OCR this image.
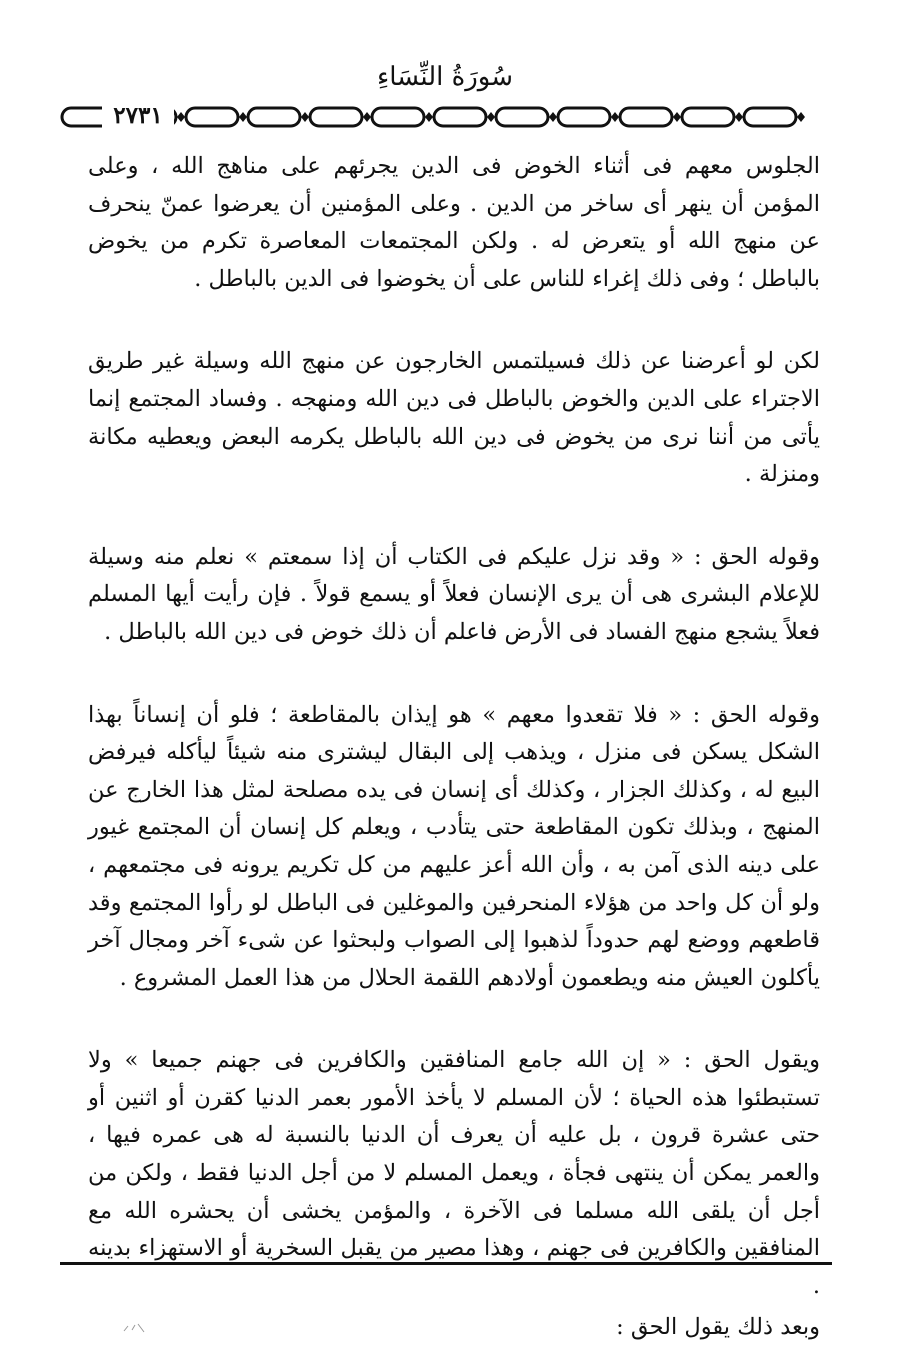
سُورَةُ النِّسَاءِ
٢٧٣١

الجلوس معهم فى أثناء الخوض فى الدين يجرئهم على مناهج الله ، وعلى المؤمن أن ينهر أى ساخر من الدين . وعلى المؤمنين أن يعرضوا عمنّ ينحرف عن منهج الله أو يتعرض له . ولكن المجتمعات المعاصرة تكرم من يخوض بالباطل ؛ وفى ذلك إغراء للناس على أن يخوضوا فى الدين بالباطل .

لكن لو أعرضنا عن ذلك فسيلتمس الخارجون عن منهج الله وسيلة غير طريق الاجتراء على الدين والخوض بالباطل فى دين الله ومنهجه . وفساد المجتمع إنما يأتى من أننا نرى من يخوض فى دين الله بالباطل يكرمه البعض ويعطيه مكانة ومنزلة .

وقوله الحق : « وقد نزل عليكم فى الكتاب أن إذا سمعتم » نعلم منه وسيلة للإعلام البشرى هى أن يرى الإنسان فعلاً أو يسمع قولاً . فإن رأيت أيها المسلم فعلاً يشجع منهج الفساد فى الأرض فاعلم أن ذلك خوض فى دين الله بالباطل .

وقوله الحق : « فلا تقعدوا معهم » هو إيذان بالمقاطعة ؛ فلو أن إنساناً بهذا الشكل يسكن فى منزل ، ويذهب إلى البقال ليشترى منه شيئاً ليأكله فيرفض البيع له ، وكذلك الجزار ، وكذلك أى إنسان فى يده مصلحة لمثل هذا الخارج عن المنهج ، وبذلك تكون المقاطعة حتى يتأدب ، ويعلم كل إنسان أن المجتمع غيور على دينه الذى آمن به ، وأن الله أعز عليهم من كل تكريم يرونه فى مجتمعهم ، ولو أن كل واحد من هؤلاء المنحرفين والموغلين فى الباطل لو رأوا المجتمع وقد قاطعهم ووضع لهم حدوداً لذهبوا إلى الصواب ولبحثوا عن شىء آخر ومجال آخر يأكلون العيش منه ويطعمون أولادهم اللقمة الحلال من هذا العمل المشروع .

ويقول الحق : « إن الله جامع المنافقين والكافرين فى جهنم جميعا » ولا تستبطئوا هذه الحياة ؛ لأن المسلم لا يأخذ الأمور بعمر الدنيا كقرن أو اثنين أو حتى عشرة قرون ، بل عليه أن يعرف أن الدنيا بالنسبة له هى عمره فيها ، والعمر يمكن أن ينتهى فجأة ، ويعمل المسلم لا من أجل الدنيا فقط ، ولكن من أجل أن يلقى الله مسلما فى الآخرة ، والمؤمن يخشى أن يحشره الله مع المنافقين والكافرين فى جهنم ، وهذا مصير من يقبل السخرية أو الاستهزاء بدينه .

وبعد ذلك يقول الحق :
